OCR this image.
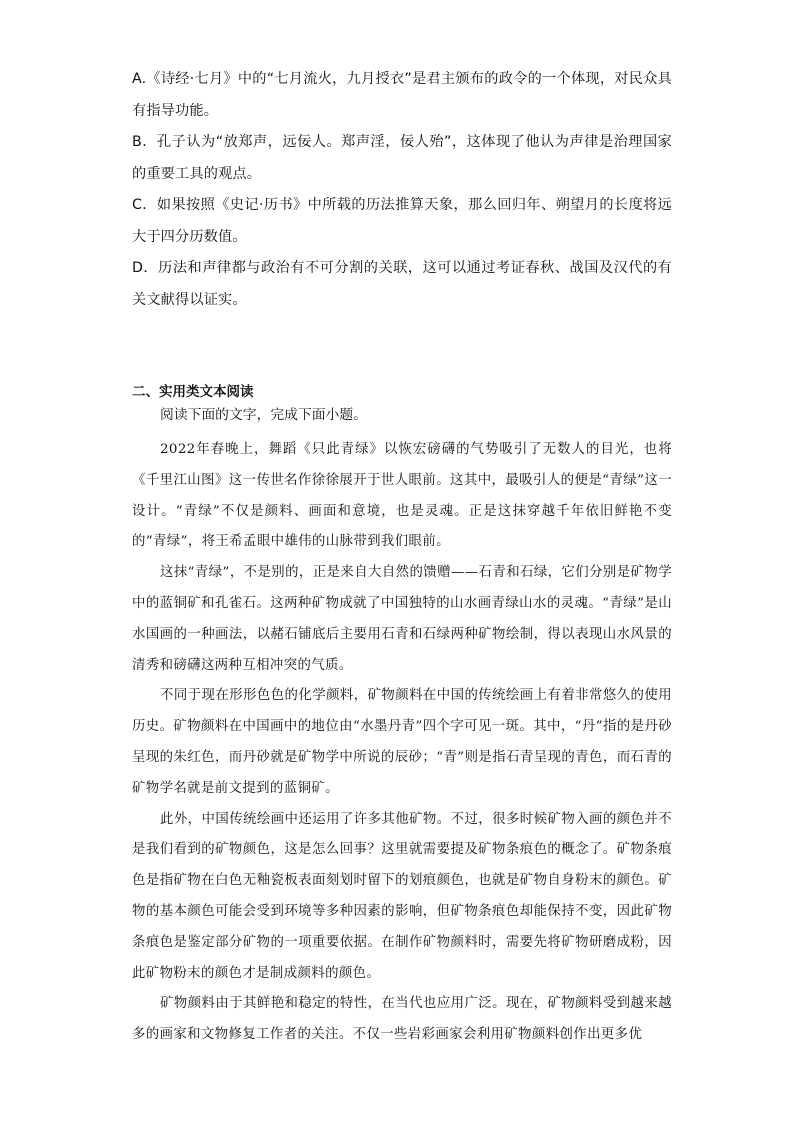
A.《诗经·七月》中的“七月流火，九月授衣”是君主颁布的政令的一个体现，对民众具有指导功能。

B．孔子认为“放郑声，远佞人。郑声淫，佞人殆”，这体现了他认为声律是治理国家的重要工具的观点。

C．如果按照《史记·历书》中所载的历法推算天象，那么回归年、朔望月的长度将远大于四分历数值。

D．历法和声律都与政治有不可分割的关联，这可以通过考证春秋、战国及汉代的有关文献得以证实。

二、实用类文本阅读

阅读下面的文字，完成下面小题。

2022年春晚上，舞蹈《只此青绿》以恢宏磅礴的气势吸引了无数人的目光，也将《千里江山图》这一传世名作徐徐展开于世人眼前。这其中，最吸引人的便是“青绿”这一设计。“青绿”不仅是颜料、画面和意境，也是灵魂。正是这抹穿越千年依旧鲜艳不变的“青绿”，将王希孟眼中雄伟的山脉带到我们眼前。

这抹“青绿”，不是别的，正是来自大自然的馈赠——石青和石绿，它们分别是矿物学中的蓝铜矿和孔雀石。这两种矿物成就了中国独特的山水画青绿山水的灵魂。“青绿”是山水国画的一种画法，以赭石铺底后主要用石青和石绿两种矿物绘制，得以表现山水风景的清秀和磅礴这两种互相冲突的气质。

不同于现在形形色色的化学颜料，矿物颜料在中国的传统绘画上有着非常悠久的使用历史。矿物颜料在中国画中的地位由“水墨丹青”四个字可见一斑。其中，“丹”指的是丹砂呈现的朱红色，而丹砂就是矿物学中所说的辰砂；“青”则是指石青呈现的青色，而石青的矿物学名就是前文提到的蓝铜矿。

此外，中国传统绘画中还运用了许多其他矿物。不过，很多时候矿物入画的颜色并不是我们看到的矿物颜色，这是怎么回事？这里就需要提及矿物条痕色的概念了。矿物条痕色是指矿物在白色无釉瓷板表面刻划时留下的划痕颜色，也就是矿物自身粉末的颜色。矿物的基本颜色可能会受到环境等多种因素的影响，但矿物条痕色却能保持不变，因此矿物条痕色是鉴定部分矿物的一项重要依据。在制作矿物颜料时，需要先将矿物研磨成粉，因此矿物粉末的颜色才是制成颜料的颜色。

矿物颜料由于其鲜艳和稳定的特性，在当代也应用广泛。现在，矿物颜料受到越来越多的画家和文物修复工作者的关注。不仅一些岩彩画家会利用矿物颜料创作出更多优
